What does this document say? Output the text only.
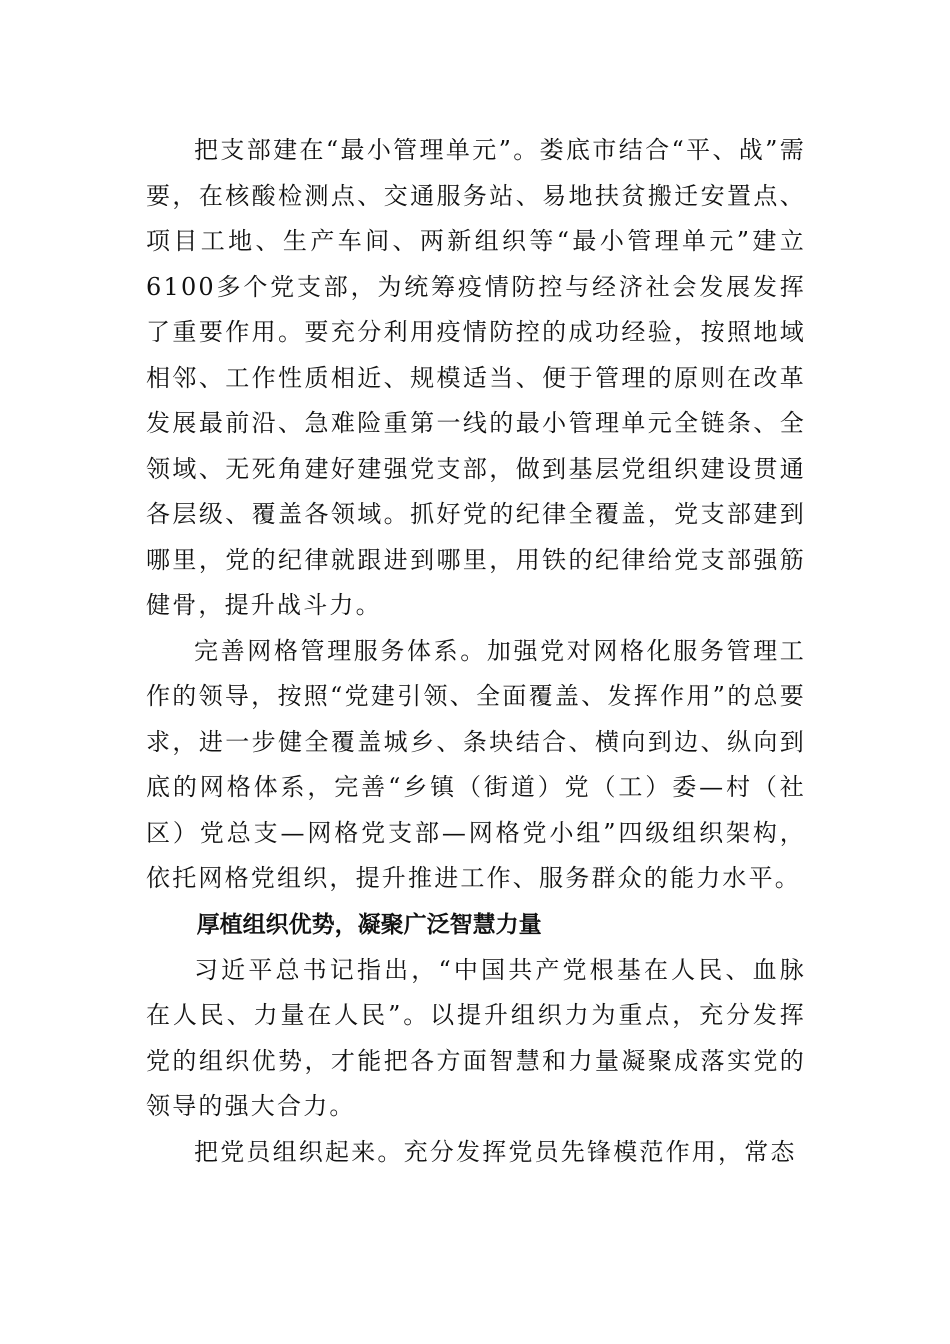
把支部建在“最小管理单元”。娄底市结合“平、战”需要，在核酸检测点、交通服务站、易地扶贫搬迁安置点、项目工地、生产车间、两新组织等“最小管理单元”建立6100多个党支部，为统筹疫情防控与经济社会发展发挥了重要作用。要充分利用疫情防控的成功经验，按照地域相邻、工作性质相近、规模适当、便于管理的原则在改革发展最前沿、急难险重第一线的最小管理单元全链条、全领域、无死角建好建强党支部，做到基层党组织建设贯通各层级、覆盖各领域。抓好党的纪律全覆盖，党支部建到哪里，党的纪律就跟进到哪里，用铁的纪律给党支部强筋健骨，提升战斗力。

完善网格管理服务体系。加强党对网格化服务管理工作的领导，按照“党建引领、全面覆盖、发挥作用”的总要求，进一步健全覆盖城乡、条块结合、横向到边、纵向到底的网格体系，完善“乡镇（街道）党（工）委—村（社区）党总支—网格党支部—网格党小组”四级组织架构，依托网格党组织，提升推进工作、服务群众的能力水平。

厚植组织优势，凝聚广泛智慧力量

习近平总书记指出，“中国共产党根基在人民、血脉在人民、力量在人民”。以提升组织力为重点，充分发挥党的组织优势，才能把各方面智慧和力量凝聚成落实党的领导的强大合力。

把党员组织起来。充分发挥党员先锋模范作用，常态
